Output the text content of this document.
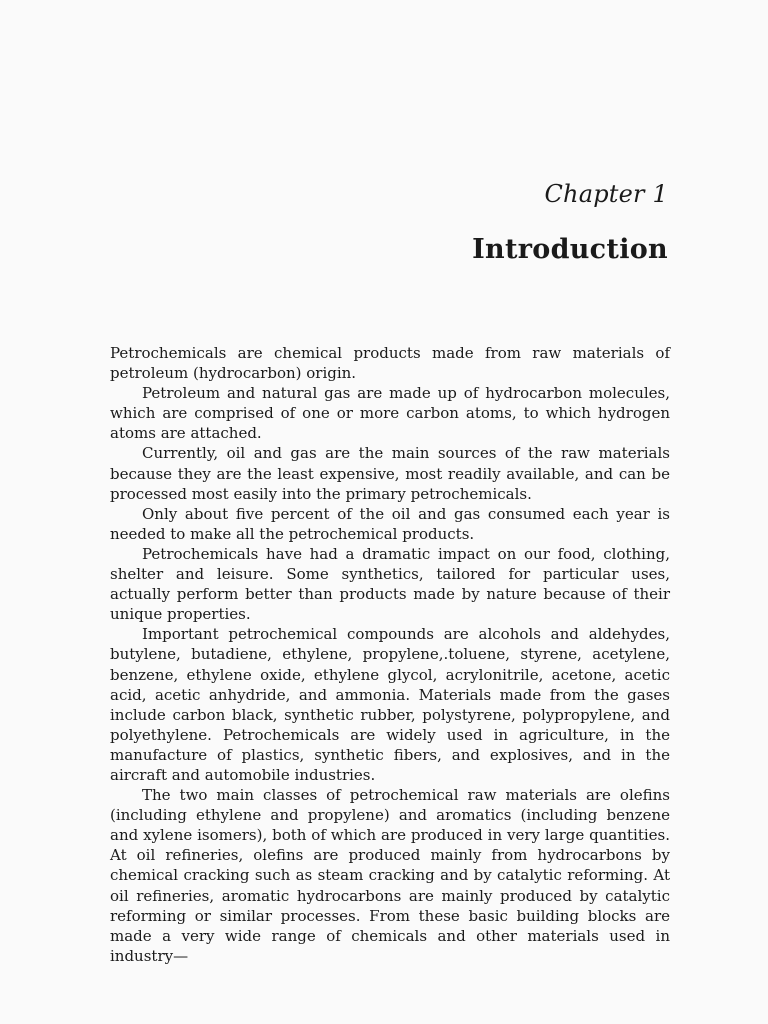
Chapter 1
Introduction

Petrochemicals are chemical products made from raw materials of petroleum (hydrocarbon) origin.

Petroleum and natural gas are made up of hydrocarbon molecules, which are comprised of one or more carbon atoms, to which hydrogen atoms are attached.

Currently, oil and gas are the main sources of the raw materials because they are the least expensive, most readily available, and can be processed most easily into the primary petrochemicals.

Only about five percent of the oil and gas consumed each year is needed to make all the petrochemical products.

Petrochemicals have had a dramatic impact on our food, clothing, shelter and leisure. Some synthetics, tailored for particular uses, actually perform better than products made by nature because of their unique properties.

Important petrochemical compounds are alcohols and aldehydes, butylene, butadiene, ethylene, propylene,.toluene, styrene, acetylene, benzene, ethylene oxide, ethylene glycol, acrylonitrile, acetone, acetic acid, acetic anhydride, and ammonia. Materials made from the gases include carbon black, synthetic rubber, polystyrene, polypropylene, and polyethylene. Petrochemicals are widely used in agriculture, in the manufacture of plastics, synthetic fibers, and explosives, and in the aircraft and automobile industries.

The two main classes of petrochemical raw materials are olefins (including ethylene and propylene) and aromatics (including benzene and xylene isomers), both of which are produced in very large quantities. At oil refineries, olefins are produced mainly from hydrocarbons by chemical cracking such as steam cracking and by catalytic reforming. At oil refineries, aromatic hydrocarbons are mainly produced by catalytic reforming or similar processes. From these basic building blocks are made a very wide range of chemicals and other materials used in industry—
